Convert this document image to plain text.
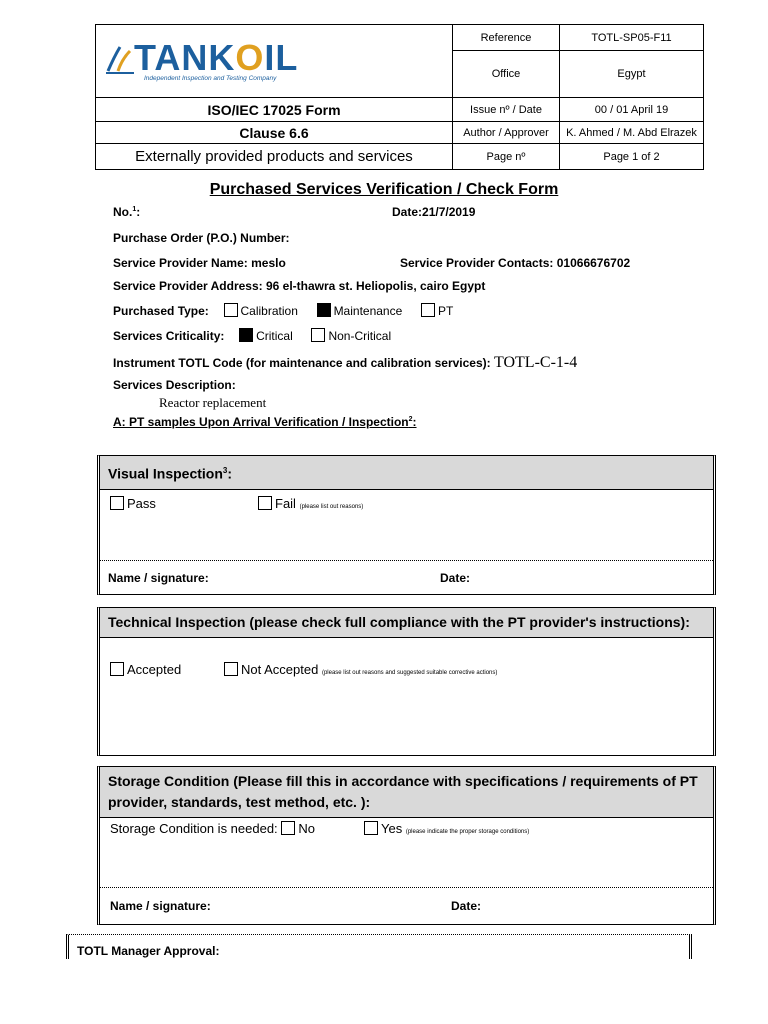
TANKOIL
Independent Inspection and Testing Company	Reference	TOTL-SP05-F11
	Office	Egypt
ISO/IEC 17025 Form	Issue nº / Date	00 / 01 April 19
Clause 6.6	Author / Approver	K. Ahmed / M. Abd Elrazek
Externally provided products and services	Page nº	Page 1 of 2
Purchased Services Verification / Check Form
No.$^1$:	Date:21/7/2019
Purchase Order (P.O.) Number:
Service Provider Name: meslo	Service Provider Contacts: 01066676702
Service Provider Address: 96 el-thawra st. Heliopolis, cairo Egypt
Purchased Type:	Calibration	Maintenance	PT
Services Criticality:	Critical	Non-Critical
Instrument TOTL Code (for maintenance and calibration services): TOTL-C-1-4
Services Description:
Reactor replacement
A: PT samples Upon Arrival Verification / Inspection$^2$:
Visual Inspection$^3$:
Pass	Fail (please list out reasons)
Name / signature:	Date:
Technical Inspection (please check full compliance with the PT provider's instructions):
Accepted	Not Accepted (please list out reasons and suggested suitable corrective actions)
Storage Condition (Please fill this in accordance with specifications / requirements of PT provider, standards, test method, etc. ):
Storage Condition is needed: No	Yes (please indicate the proper storage conditions)
Name / signature:	Date:
TOTL Manager Approval:
